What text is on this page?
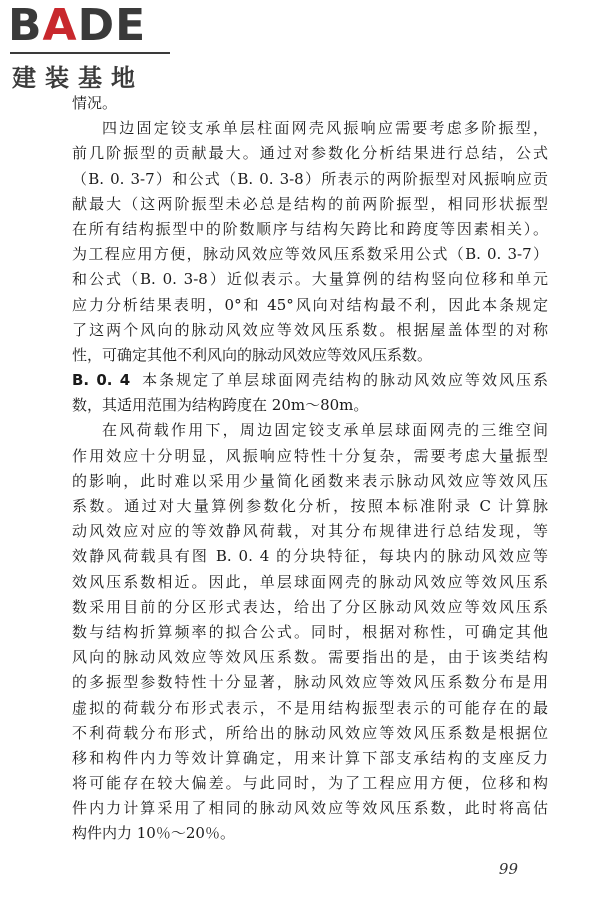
BADE
建装基地
情况。
四边固定铰支承单层柱面网壳风振响应需要考虑多阶振型，
前几阶振型的贡献最大。通过对参数化分析结果进行总结，公式
（B. 0. 3-7）和公式（B. 0. 3-8）所表示的两阶振型对风振响应贡
献最大（这两阶振型未必总是结构的前两阶振型，相同形状振型
在所有结构振型中的阶数顺序与结构矢跨比和跨度等因素相关）。
为工程应用方便，脉动风效应等效风压系数采用公式（B. 0. 3-7）
和公式（B. 0. 3-8）近似表示。大量算例的结构竖向位移和单元
应力分析结果表明，0°和 45°风向对结构最不利，因此本条规定
了这两个风向的脉动风效应等效风压系数。根据屋盖体型的对称
性，可确定其他不利风向的脉动风效应等效风压系数。
B. 0. 4 本条规定了单层球面网壳结构的脉动风效应等效风压系
数，其适用范围为结构跨度在 20m～80m。
在风荷载作用下，周边固定铰支承单层球面网壳的三维空间
作用效应十分明显，风振响应特性十分复杂，需要考虑大量振型
的影响，此时难以采用少量简化函数来表示脉动风效应等效风压
系数。通过对大量算例参数化分析，按照本标准附录 C 计算脉
动风效应对应的等效静风荷载，对其分布规律进行总结发现，等
效静风荷载具有图 B. 0. 4 的分块特征，每块内的脉动风效应等
效风压系数相近。因此，单层球面网壳的脉动风效应等效风压系
数采用目前的分区形式表达，给出了分区脉动风效应等效风压系
数与结构折算频率的拟合公式。同时，根据对称性，可确定其他
风向的脉动风效应等效风压系数。需要指出的是，由于该类结构
的多振型参数特性十分显著，脉动风效应等效风压系数分布是用
虚拟的荷载分布形式表示，不是用结构振型表示的可能存在的最
不利荷载分布形式，所给出的脉动风效应等效风压系数是根据位
移和构件内力等效计算确定，用来计算下部支承结构的支座反力
将可能存在较大偏差。与此同时，为了工程应用方便，位移和构
件内力计算采用了相同的脉动风效应等效风压系数，此时将高估
构件内力 10％～20％。
99
